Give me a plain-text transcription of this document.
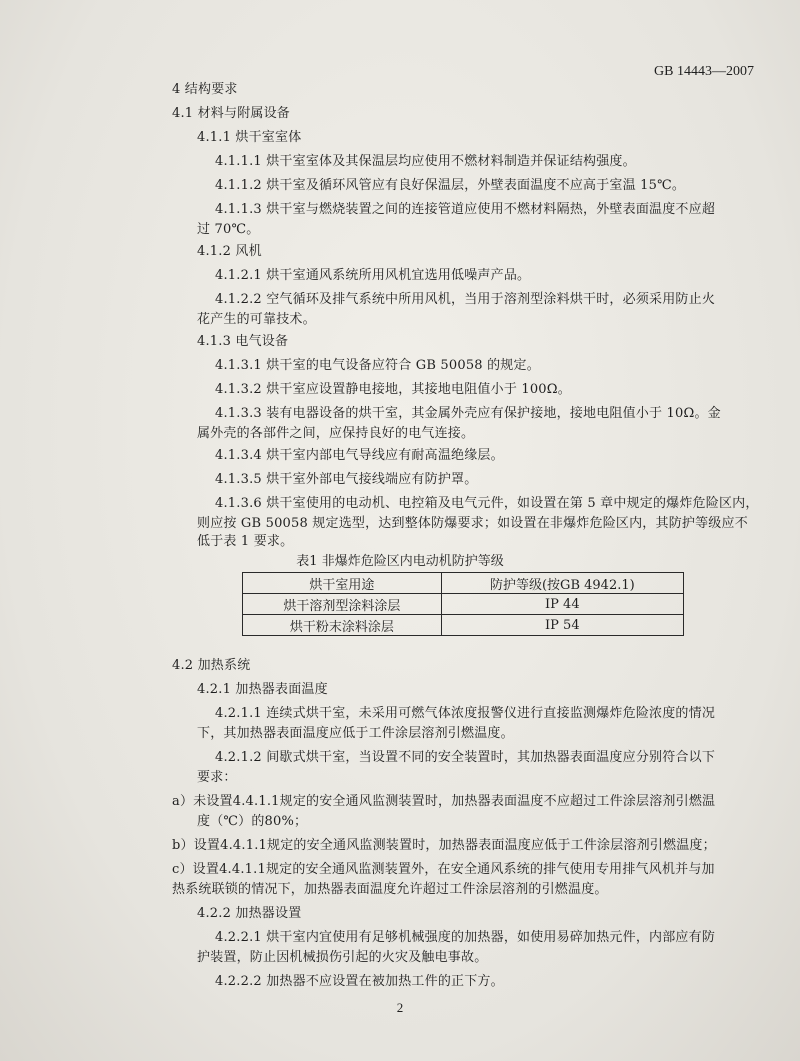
GB 14443—2007
4 结构要求
4.1 材料与附属设备
4.1.1 烘干室室体
4.1.1.1 烘干室室体及其保温层均应使用不燃材料制造并保证结构强度。
4.1.1.2 烘干室及循环风管应有良好保温层，外壁表面温度不应高于室温 15℃。
4.1.1.3 烘干室与燃烧装置之间的连接管道应使用不燃材料隔热，外壁表面温度不应超
过 70℃。
4.1.2 风机
4.1.2.1 烘干室通风系统所用风机宜选用低噪声产品。
4.1.2.2 空气循环及排气系统中所用风机，当用于溶剂型涂料烘干时，必须采用防止火
花产生的可靠技术。
4.1.3 电气设备
4.1.3.1 烘干室的电气设备应符合 GB 50058 的规定。
4.1.3.2 烘干室应设置静电接地，其接地电阻值小于 100Ω。
4.1.3.3 装有电器设备的烘干室，其金属外壳应有保护接地，接地电阻值小于 10Ω。金
属外壳的各部件之间，应保持良好的电气连接。
4.1.3.4 烘干室内部电气导线应有耐高温绝缘层。
4.1.3.5 烘干室外部电气接线端应有防护罩。
4.1.3.6 烘干室使用的电动机、电控箱及电气元件，如设置在第 5 章中规定的爆炸危险区内，
则应按 GB 50058 规定选型，达到整体防爆要求；如设置在非爆炸危险区内，其防护等级应不
低于表 1 要求。
表1 非爆炸危险区内电动机防护等级
烘干室用途	防护等级(按GB 4942.1)
烘干溶剂型涂料涂层	IP 44
烘干粉末涂料涂层	IP 54
4.2 加热系统
4.2.1 加热器表面温度
4.2.1.1 连续式烘干室，未采用可燃气体浓度报警仪进行直接监测爆炸危险浓度的情况
下，其加热器表面温度应低于工件涂层溶剂引燃温度。
4.2.1.2 间歇式烘干室，当设置不同的安全装置时，其加热器表面温度应分别符合以下
要求：
a）未设置4.4.1.1规定的安全通风监测装置时，加热器表面温度不应超过工件涂层溶剂引燃温
度（℃）的80%；
b）设置4.4.1.1规定的安全通风监测装置时，加热器表面温度应低于工件涂层溶剂引燃温度；
c）设置4.4.1.1规定的安全通风监测装置外，在安全通风系统的排气使用专用排气风机并与加
热系统联锁的情况下，加热器表面温度允许超过工件涂层溶剂的引燃温度。
4.2.2 加热器设置
4.2.2.1 烘干室内宜使用有足够机械强度的加热器，如使用易碎加热元件，内部应有防
护装置，防止因机械损伤引起的火灾及触电事故。
4.2.2.2 加热器不应设置在被加热工件的正下方。
2
